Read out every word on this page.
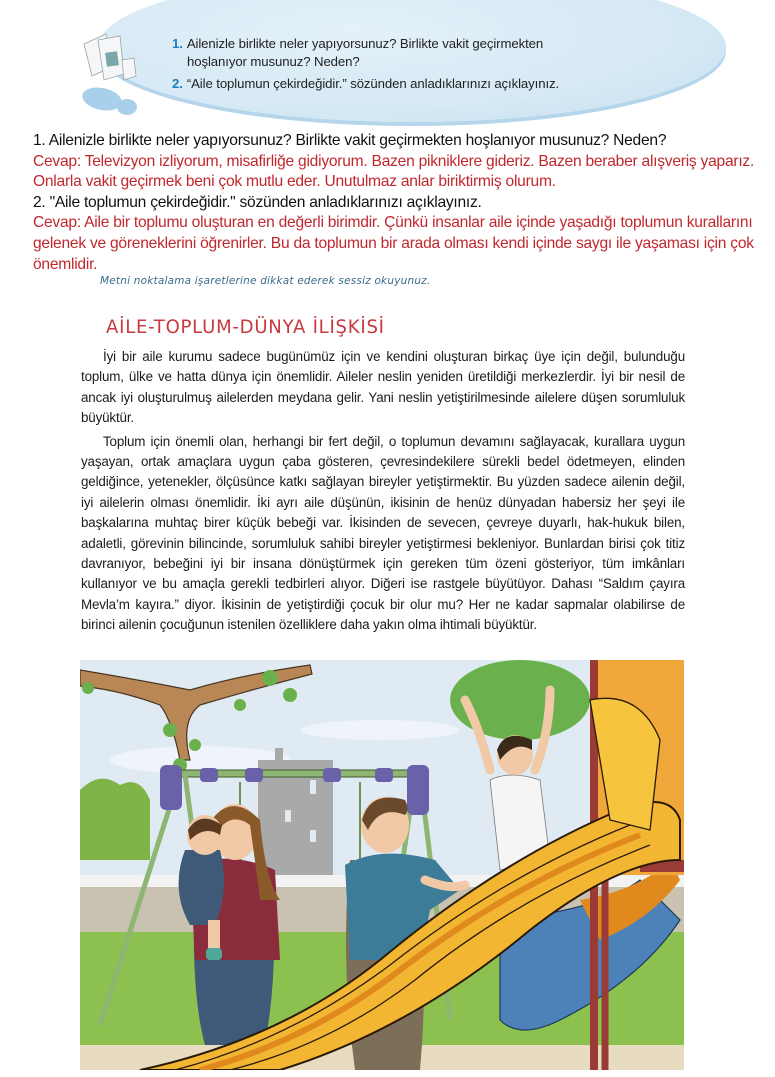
1. Ailenizle birlikte neler yapıyorsunuz? Birlikte vakit geçirmekten
hoşlanıyor musunuz? Neden?
2. “Aile toplumun çekirdeğidir.” sözünden anladıklarınızı açıklayınız.
1. Ailenizle birlikte neler yapıyorsunuz? Birlikte vakit geçirmekten hoşlanıyor musunuz? Neden?
Cevap: Televizyon izliyorum, misafirliğe gidiyorum. Bazen pikniklere gideriz. Bazen beraber alışveriş yaparız. Onlarla vakit geçirmek beni çok mutlu eder. Unutulmaz anlar biriktirmiş olurum.
2. "Aile toplumun çekirdeğidir." sözünden anladıklarınızı açıklayınız.
Cevap: Aile bir toplumu oluşturan en değerli birimdir. Çünkü insanlar aile içinde yaşadığı toplumun kurallarını gelenek ve göreneklerini öğrenirler. Bu da toplumun bir arada olması kendi içinde saygı ile yaşaması için çok önemlidir.
Metni noktalama işaretlerine dikkat ederek sessiz okuyunuz.
AİLE-TOPLUM-DÜNYA İLİŞKİSİ

İyi bir aile kurumu sadece bugünümüz için ve kendini oluşturan birkaç üye için değil, bulunduğu toplum, ülke ve hatta dünya için önemlidir. Aileler neslin yeniden üretildiği merkezlerdir. İyi bir nesil de ancak iyi oluşturulmuş ailelerden meydana gelir. Yani neslin yetiştirilmesinde ailelere düşen sorumluluk büyüktür.

Toplum için önemli olan, herhangi bir fert değil, o toplumun devamını sağlayacak, kurallara uygun yaşayan, ortak amaçlara uygun çaba gösteren, çevresindekilere sürekli bedel ödetmeyen, elinden geldiğince, yetenekler, ölçüsünce katkı sağlayan bireyler yetiştirmektir. Bu yüzden sadece ailenin değil, iyi ailelerin olması önemlidir. İki ayrı aile düşünün, ikisinin de henüz dünyadan habersiz her şeyi ile başkalarına muhtaç birer küçük bebeği var. İkisinden de sevecen, çevreye duyarlı, hak-hukuk bilen, adaletli, görevinin bilincinde, sorumluluk sahibi bireyler yetiştirmesi bekleniyor. Bunlardan birisi çok titiz davranıyor, bebeğini iyi bir insana dönüştürmek için gereken tüm özeni gösteriyor, tüm imkânları kullanıyor ve bu amaçla gerekli tedbirleri alıyor. Diğeri ise rastgele büyütüyor. Dahası “Saldım çayıra Mevla’m kayıra.” diyor. İkisinin de yetiştirdiği çocuk bir olur mu? Her ne kadar sapmalar olabilirse de birinci ailenin çocuğunun istenilen özelliklere daha yakın olma ihtimali büyüktür.
